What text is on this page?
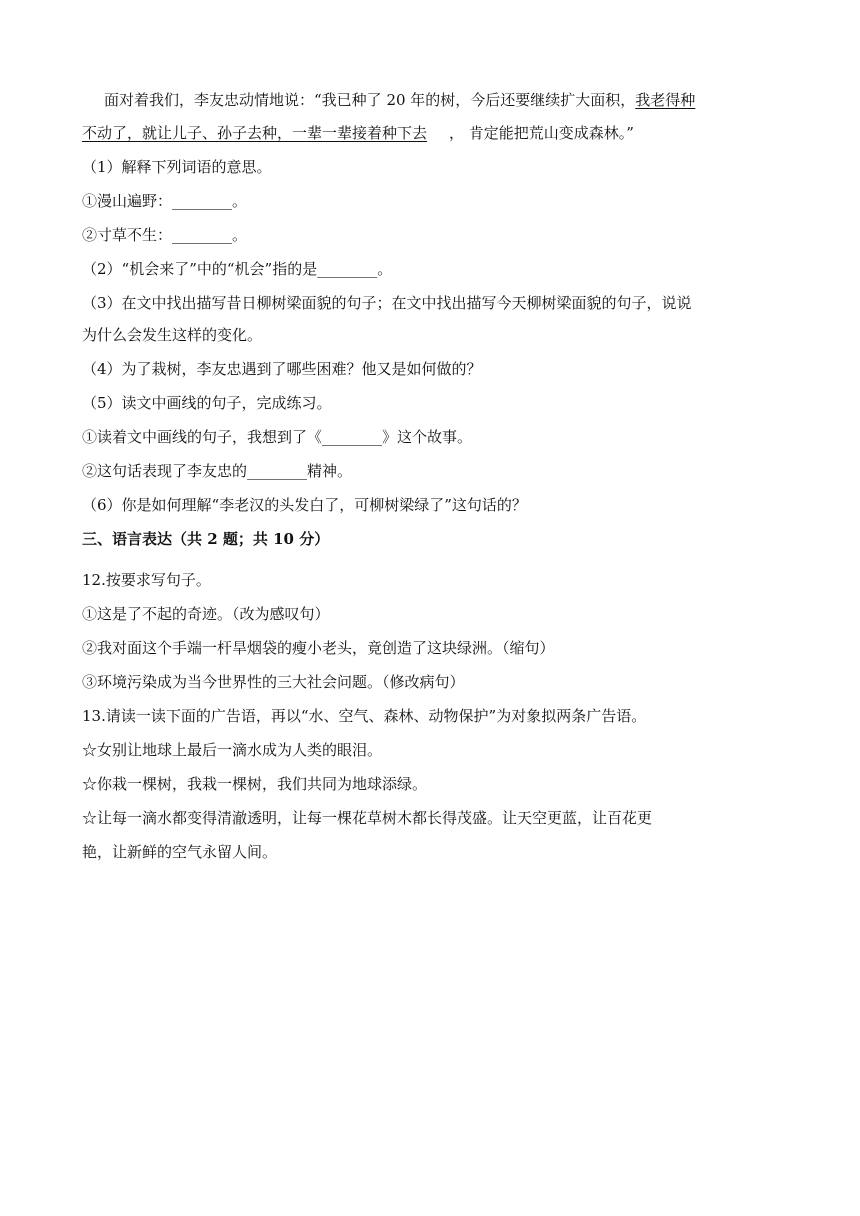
面对着我们，李友忠动情地说：“我已种了 20 年的树，今后还要继续扩大面积，我老得种
不动了，就让儿子、孙子去种，一辈一辈接着种下去 ， 肯定能把荒山变成森林。”
（1）解释下列词语的意思。
①漫山遍野：________。
②寸草不生：________。
（2）“机会来了”中的“机会”指的是________。
（3）在文中找出描写昔日柳树梁面貌的句子；在文中找出描写今天柳树梁面貌的句子，说说
为什么会发生这样的变化。
（4）为了栽树，李友忠遇到了哪些困难？他又是如何做的？
（5）读文中画线的句子，完成练习。
①读着文中画线的句子，我想到了《________》这个故事。
②这句话表现了李友忠的________精神。
（6）你是如何理解“李老汉的头发白了，可柳树梁绿了”这句话的？
三、语言表达（共 2 题；共 10 分）
12.按要求写句子。
①这是了不起的奇迹。（改为感叹句）
②我对面这个手端一杆旱烟袋的瘦小老头，竟创造了这块绿洲。（缩句）
③环境污染成为当今世界性的三大社会问题。（修改病句）
13.请读一读下面的广告语，再以“水、空气、森林、动物保护”为对象拟两条广告语。
☆女别让地球上最后一滴水成为人类的眼泪。
☆你栽一棵树，我栽一棵树，我们共同为地球添绿。
☆让每一滴水都变得清澈透明，让每一棵花草树木都长得茂盛。让天空更蓝，让百花更
艳，让新鲜的空气永留人间。
